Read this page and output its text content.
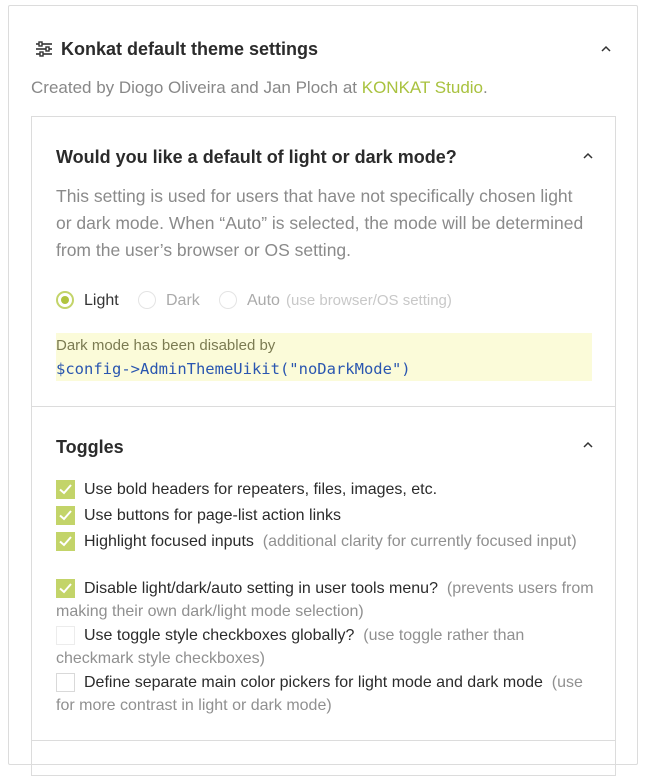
Konkat default theme settings
Created by Diogo Oliveira and Jan Ploch at KONKAT Studio.
Would you like a default of light or dark mode?
This setting is used for users that have not specifically chosen light or dark mode. When “Auto” is selected, the mode will be determined from the user’s browser or OS setting.
Light	Dark	Auto (use browser/OS setting)
Dark mode has been disabled by
$config->AdminThemeUikit("noDarkMode")
Toggles
Use bold headers for repeaters, files, images, etc.
Use buttons for page-list action links
Highlight focused inputs (additional clarity for currently focused input)
Disable light/dark/auto setting in user tools menu? (prevents users from making their own dark/light mode selection)
Use toggle style checkboxes globally? (use toggle rather than checkmark style checkboxes)
Define separate main color pickers for light mode and dark mode (use for more contrast in light or dark mode)
